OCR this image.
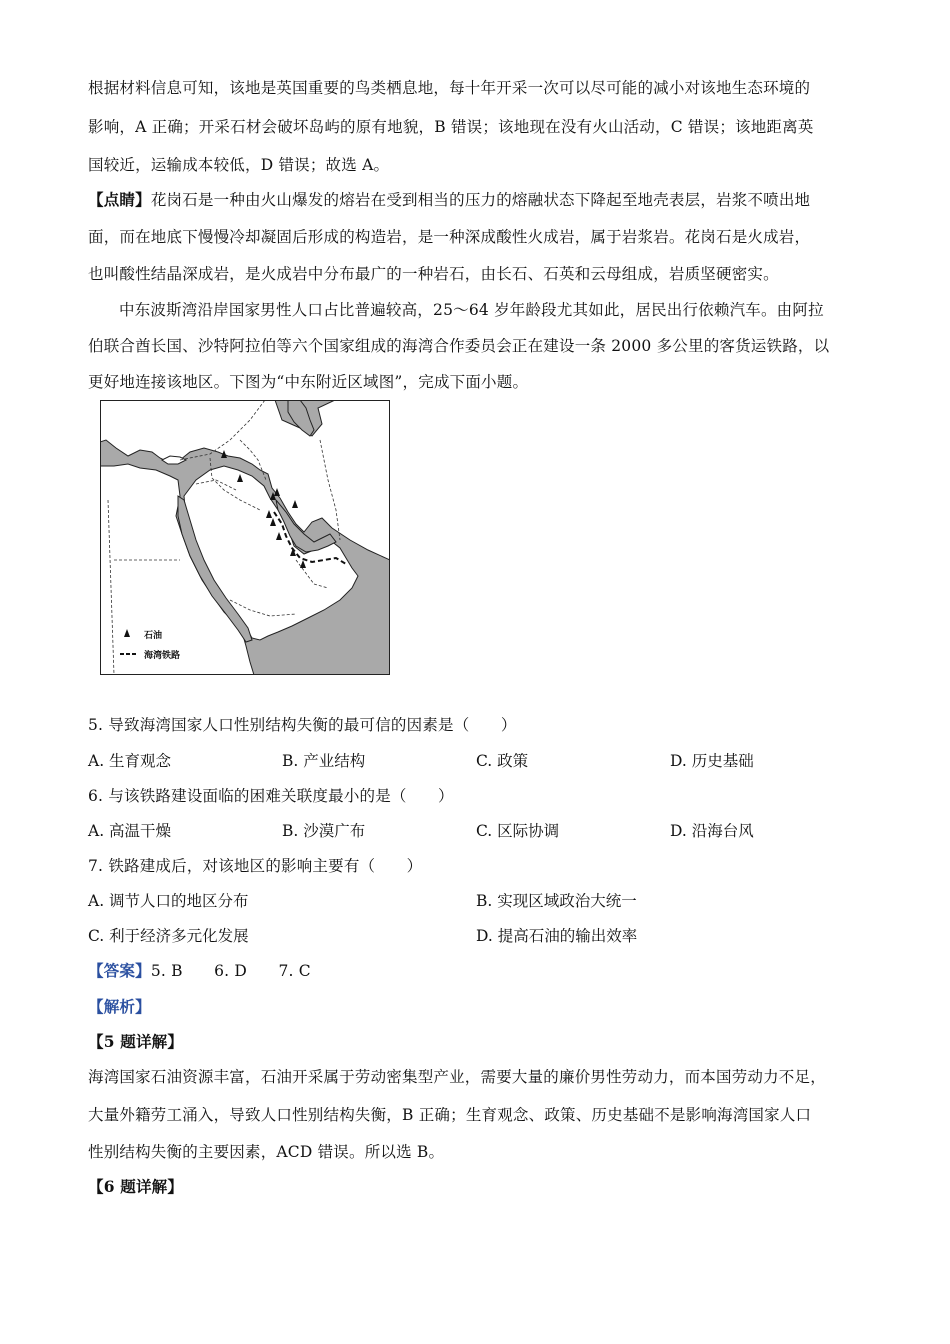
根据材料信息可知，该地是英国重要的鸟类栖息地，每十年开采一次可以尽可能的减小对该地生态环境的
影响，A 正确；开采石材会破坏岛屿的原有地貌，B 错误；该地现在没有火山活动，C 错误；该地距离英
国较近，运输成本较低，D 错误；故选 A。
【点睛】花岗石是一种由火山爆发的熔岩在受到相当的压力的熔融状态下降起至地壳表层，岩浆不喷出地
面，而在地底下慢慢冷却凝固后形成的构造岩，是一种深成酸性火成岩，属于岩浆岩。花岗石是火成岩，
也叫酸性结晶深成岩，是火成岩中分布最广的一种岩石，由长石、石英和云母组成，岩质坚硬密实。
中东波斯湾沿岸国家男性人口占比普遍较高，25～64 岁年龄段尤其如此，居民出行依赖汽车。由阿拉
伯联合酋长国、沙特阿拉伯等六个国家组成的海湾合作委员会正在建设一条 2000 多公里的客货运铁路，以
更好地连接该地区。下图为“中东附近区域图”，完成下面小题。
石油
海湾铁路
5. 导致海湾国家人口性别结构失衡的最可信的因素是（　　）
A. 生育观念	B. 产业结构	C. 政策	D. 历史基础
6. 与该铁路建设面临的困难关联度最小的是（　　）
A. 高温干燥	B. 沙漠广布	C. 区际协调	D. 沿海台风
7. 铁路建成后，对该地区的影响主要有（　　）
A. 调节人口的地区分布	B. 实现区域政治大统一
C. 利于经济多元化发展	D. 提高石油的输出效率
【答案】5. B　　6. D　　7. C
【解析】
【5 题详解】
海湾国家石油资源丰富，石油开采属于劳动密集型产业，需要大量的廉价男性劳动力，而本国劳动力不足，
大量外籍劳工涌入，导致人口性别结构失衡，B 正确；生育观念、政策、历史基础不是影响海湾国家人口
性别结构失衡的主要因素，ACD 错误。所以选 B。
【6 题详解】
